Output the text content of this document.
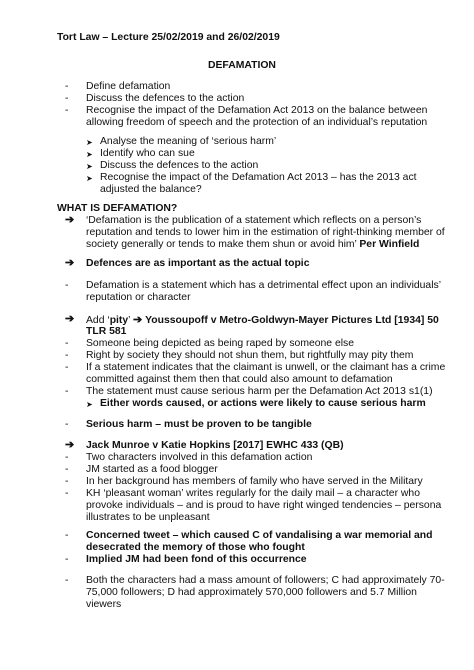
Tort Law – Lecture 25/02/2019 and 26/02/2019
DEFAMATION
- Define defamation
- Discuss the defences to the action
- Recognise the impact of the Defamation Act 2013 on the balance between
allowing freedom of speech and the protection of an individual’s reputation
➤ Analyse the meaning of ‘serious harm’
➤ Identify who can sue
➤ Discuss the defences to the action
➤ Recognise the impact of the Defamation Act 2013 – has the 2013 act
adjusted the balance?
WHAT IS DEFAMATION?
➔ ‘Defamation is the publication of a statement which reflects on a person’s
reputation and tends to lower him in the estimation of right-thinking member of
society generally or tends to make them shun or avoid him’ Per Winfield
➔ Defences are as important as the actual topic
- Defamation is a statement which has a detrimental effect upon an individuals’
reputation or character
➔ Add ‘pity’ ➔ Youssoupoff v Metro-Goldwyn-Mayer Pictures Ltd [1934] 50
TLR 581
- Someone being depicted as being raped by someone else
- Right by society they should not shun them, but rightfully may pity them
- If a statement indicates that the claimant is unwell, or the claimant has a crime
committed against them then that could also amount to defamation
- The statement must cause serious harm per the Defamation Act 2013 s1(1)
➤ Either words caused, or actions were likely to cause serious harm
- Serious harm – must be proven to be tangible
➔ Jack Munroe v Katie Hopkins [2017] EWHC 433 (QB)
- Two characters involved in this defamation action
- JM started as a food blogger
- In her background has members of family who have served in the Military
- KH ‘pleasant woman’ writes regularly for the daily mail – a character who
provoke individuals – and is proud to have right winged tendencies – persona
illustrates to be unpleasant
- Concerned tweet – which caused C of vandalising a war memorial and
desecrated the memory of those who fought
- Implied JM had been fond of this occurrence
- Both the characters had a mass amount of followers; C had approximately 70-
75,000 followers; D had approximately 570,000 followers and 5.7 Million
viewers
